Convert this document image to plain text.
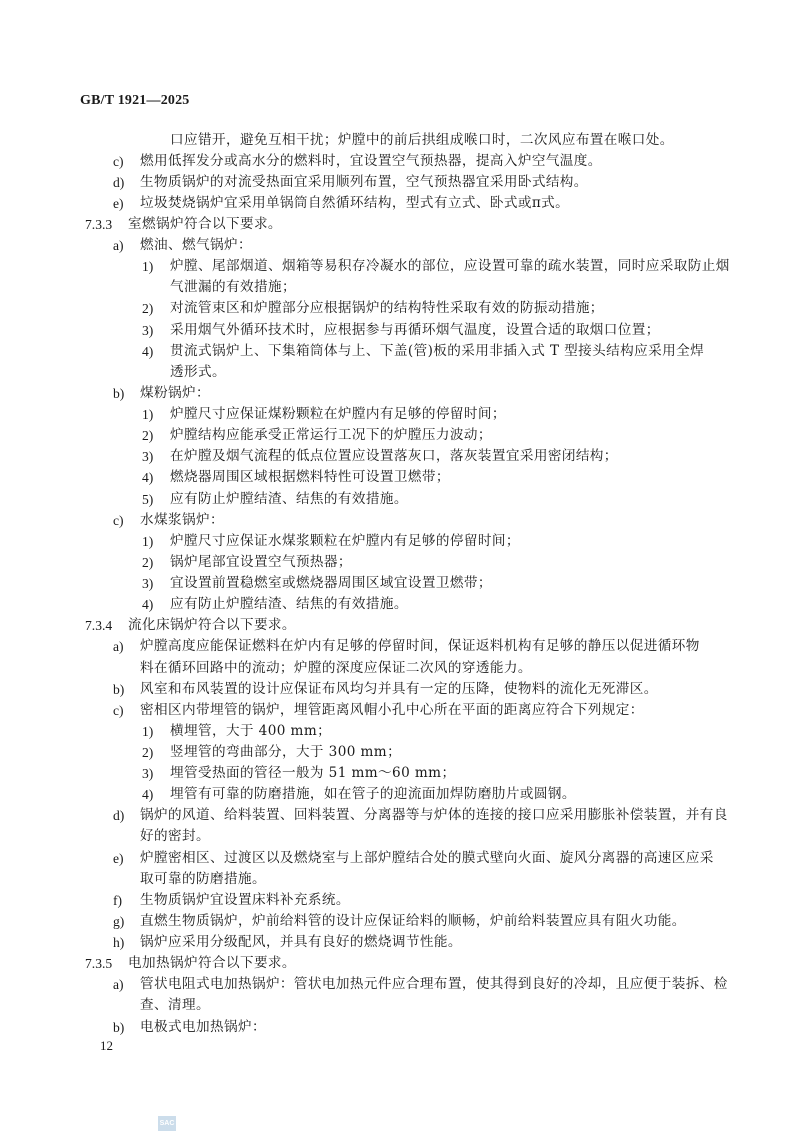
GB/T 1921—2025
口应错开，避免互相干扰；炉膛中的前后拱组成喉口时，二次风应布置在喉口处。
c) 燃用低挥发分或高水分的燃料时，宜设置空气预热器，提高入炉空气温度。
d) 生物质锅炉的对流受热面宜采用顺列布置，空气预热器宜采用卧式结构。
e) 垃圾焚烧锅炉宜采用单锅筒自然循环结构，型式有立式、卧式或π式。
7.3.3 室燃锅炉符合以下要求。
a) 燃油、燃气锅炉：
1) 炉膛、尾部烟道、烟箱等易积存冷凝水的部位，应设置可靠的疏水装置，同时应采取防止烟
气泄漏的有效措施；
2) 对流管束区和炉膛部分应根据锅炉的结构特性采取有效的防振动措施；
3) 采用烟气外循环技术时，应根据参与再循环烟气温度，设置合适的取烟口位置；
4) 贯流式锅炉上、下集箱筒体与上、下盖(管)板的采用非插入式 T 型接头结构应采用全焊
透形式。
b) 煤粉锅炉：
1) 炉膛尺寸应保证煤粉颗粒在炉膛内有足够的停留时间；
2) 炉膛结构应能承受正常运行工况下的炉膛压力波动；
3) 在炉膛及烟气流程的低点位置应设置落灰口，落灰装置宜采用密闭结构；
4) 燃烧器周围区域根据燃料特性可设置卫燃带；
5) 应有防止炉膛结渣、结焦的有效措施。
c) 水煤浆锅炉：
1) 炉膛尺寸应保证水煤浆颗粒在炉膛内有足够的停留时间；
2) 锅炉尾部宜设置空气预热器；
3) 宜设置前置稳燃室或燃烧器周围区域宜设置卫燃带；
4) 应有防止炉膛结渣、结焦的有效措施。
7.3.4 流化床锅炉符合以下要求。
a) 炉膛高度应能保证燃料在炉内有足够的停留时间，保证返料机构有足够的静压以促进循环物
料在循环回路中的流动；炉膛的深度应保证二次风的穿透能力。
b) 风室和布风装置的设计应保证布风均匀并具有一定的压降，使物料的流化无死滞区。
c) 密相区内带埋管的锅炉，埋管距离风帽小孔中心所在平面的距离应符合下列规定：
1) 横埋管，大于 400 mm；
2) 竖埋管的弯曲部分，大于 300 mm；
3) 埋管受热面的管径一般为 51 mm～60 mm；
4) 埋管有可靠的防磨措施，如在管子的迎流面加焊防磨肋片或圆钢。
d) 锅炉的风道、给料装置、回料装置、分离器等与炉体的连接的接口应采用膨胀补偿装置，并有良
好的密封。
e) 炉膛密相区、过渡区以及燃烧室与上部炉膛结合处的膜式壁向火面、旋风分离器的高速区应采
取可靠的防磨措施。
f) 生物质锅炉宜设置床料补充系统。
g) 直燃生物质锅炉，炉前给料管的设计应保证给料的顺畅，炉前给料装置应具有阻火功能。
h) 锅炉应采用分级配风，并具有良好的燃烧调节性能。
7.3.5 电加热锅炉符合以下要求。
a) 管状电阻式电加热锅炉：管状电加热元件应合理布置，使其得到良好的冷却，且应便于装拆、检
查、清理。
b) 电极式电加热锅炉：
12
SAC
